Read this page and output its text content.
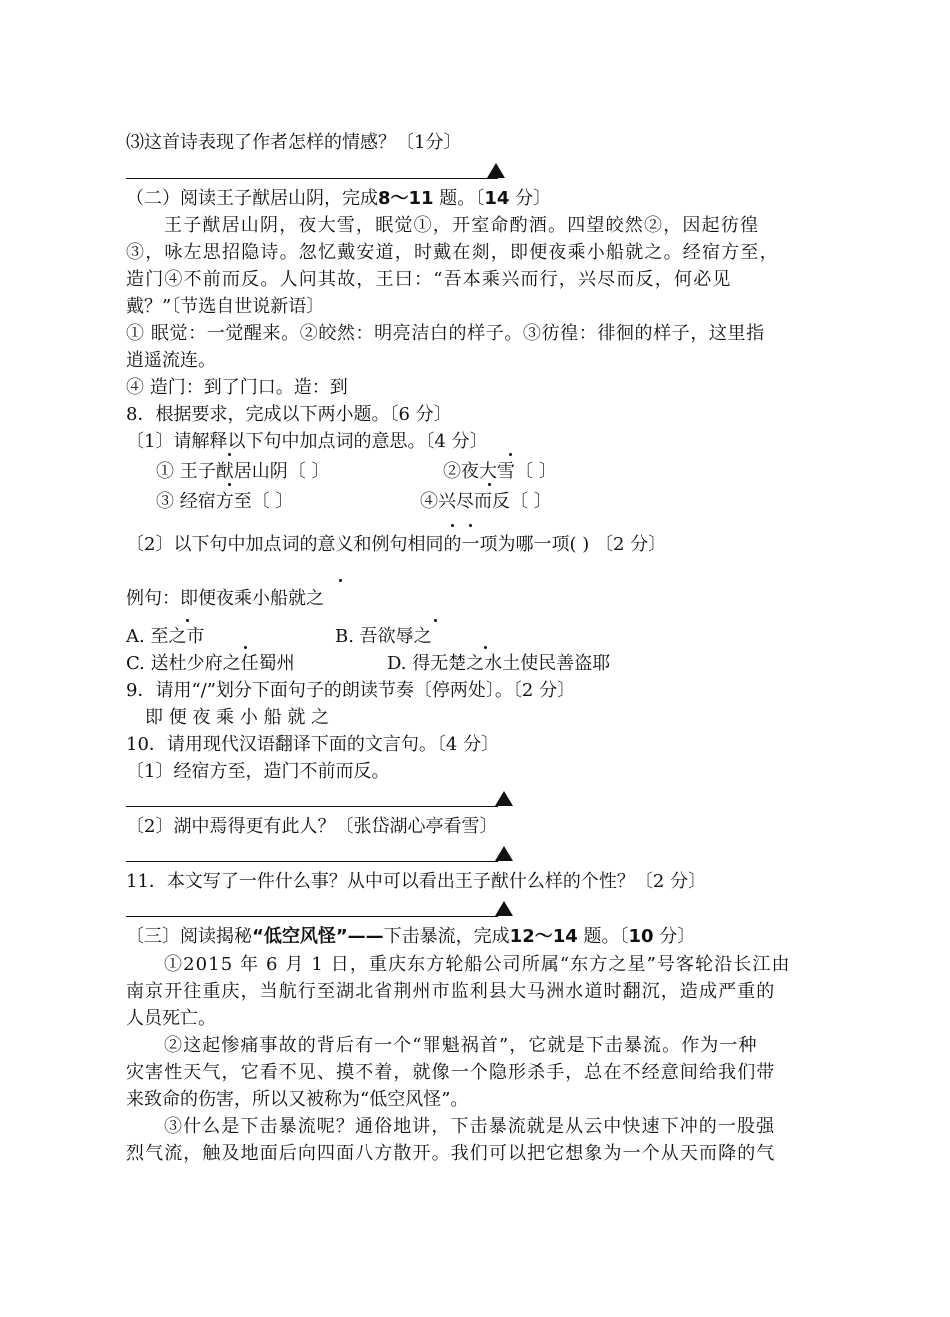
⑶这首诗表现了作者怎样的情感？〔1分〕
（二）阅读王子猷居山阴，完成8～11 题。〔14 分〕
王子猷居山阴，夜大雪，眠觉①，开室命酌酒。四望皎然②，因起彷徨
③，咏左思招隐诗。忽忆戴安道，时戴在剡，即便夜乘小船就之。经宿方至，
造门④不前而反。人问其故，王曰：“吾本乘兴而行，兴尽而反，何必见
戴？”〔节选自世说新语〕
① 眠觉：一觉醒来。②皎然：明亮洁白的样子。③彷徨：徘徊的样子，这里指
逍遥流连。
④ 造门：到了门口。造：到
8．根据要求，完成以下两小题。〔6 分〕
〔1〕请解释以下句中加点词的意思。〔4 分〕
① 王子猷居山阴〔 〕	②夜大雪〔 〕
③ 经宿方至〔 〕	④兴尽而反〔 〕
〔2〕以下句中加点词的意义和例句相同的一项为哪一项( ) 〔2 分〕
例句：即便夜乘小船就之
A. 至之市	B. 吾欲辱之
C. 送杜少府之任蜀州	D. 得无楚之水土使民善盗耶
9．请用“/”划分下面句子的朗读节奏〔停两处〕。〔2 分〕
即 便 夜 乘 小 船 就 之
10．请用现代汉语翻译下面的文言句。〔4 分〕
〔1〕经宿方至，造门不前而反。
〔2〕湖中焉得更有此人？〔张岱湖心亭看雪〕
11．本文写了一件什么事？从中可以看出王子猷什么样的个性？〔2 分〕
〔三〕阅读揭秘“低空风怪”——下击暴流，完成12～14 题。〔10 分〕
①2015 年 6 月 1 日，重庆东方轮船公司所属“东方之星”号客轮沿长江由
南京开往重庆，当航行至湖北省荆州市监利县大马洲水道时翻沉，造成严重的
人员死亡。
②这起惨痛事故的背后有一个“罪魁祸首”，它就是下击暴流。作为一种
灾害性天气，它看不见、摸不着，就像一个隐形杀手，总在不经意间给我们带
来致命的伤害，所以又被称为“低空风怪”。
③什么是下击暴流呢？通俗地讲，下击暴流就是从云中快速下冲的一股强
烈气流，触及地面后向四面八方散开。我们可以把它想象为一个从天而降的气
